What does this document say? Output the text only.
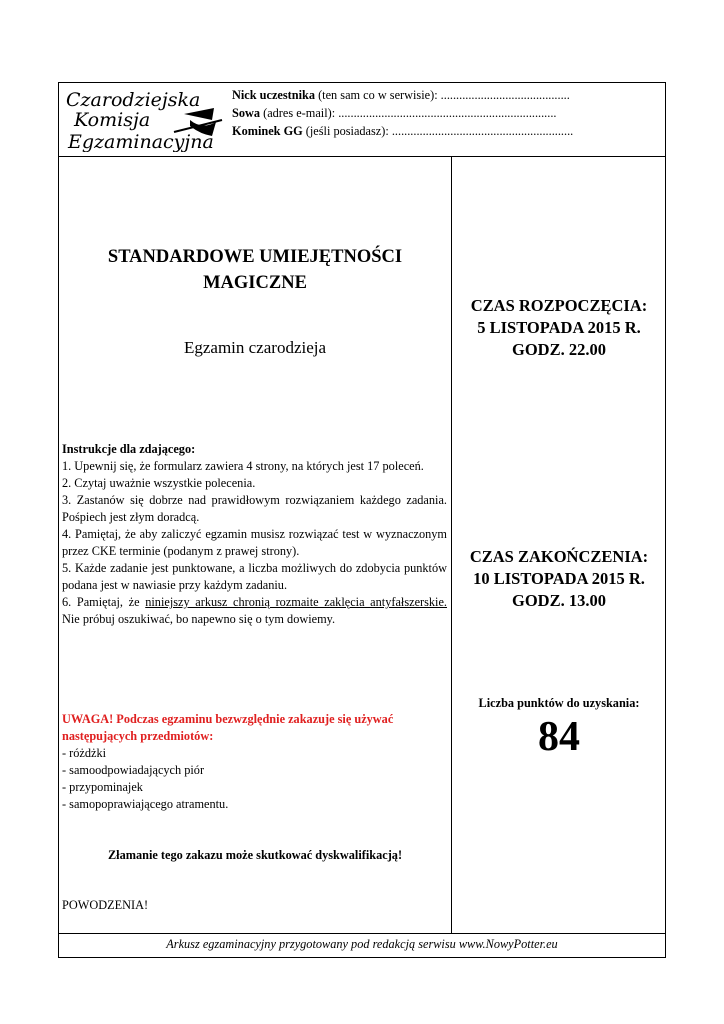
Czarodziejska
Komisja
Egzaminacyjna
Nick uczestnika (ten sam co w serwisie): ..........................................
Sowa (adres e-mail): .......................................................................
Kominek GG (jeśli posiadasz): ...........................................................
STANDARDOWE UMIEJĘTNOŚCI
MAGICZNE
Egzamin czarodzieja

Instrukcje dla zdającego:

1. Upewnij się, że formularz zawiera 4 strony, na których jest 17 poleceń.

2. Czytaj uważnie wszystkie polecenia.

3. Zastanów się dobrze nad prawidłowym rozwiązaniem każdego zadania. Pośpiech jest złym doradcą.

4. Pamiętaj, że aby zaliczyć egzamin musisz rozwiązać test w wyznaczonym przez CKE terminie (podanym z prawej strony).

5. Każde zadanie jest punktowane, a liczba możliwych do zdobycia punktów podana jest w nawiasie przy każdym zadaniu.

6. Pamiętaj, że niniejszy arkusz chronią rozmaite zaklęcia antyfałszerskie. Nie próbuj oszukiwać, bo napewno się o tym dowiemy.

UWAGA! Podczas egzaminu bezwzględnie zakazuje się używać następujących przedmiotów:
- różdżki
- samoodpowiadających piór
- przypominajek
- samopoprawiającego atramentu.
Złamanie tego zakazu może skutkować dyskwalifikacją!
POWODZENIA!
CZAS ROZPOCZĘCIA:
5 LISTOPADA 2015 R.
GODZ. 22.00
CZAS ZAKOŃCZENIA:
10 LISTOPADA 2015 R.
GODZ. 13.00
Liczba punktów do uzyskania:
84
Arkusz egzaminacyjny przygotowany pod redakcją serwisu www.NowyPotter.eu
